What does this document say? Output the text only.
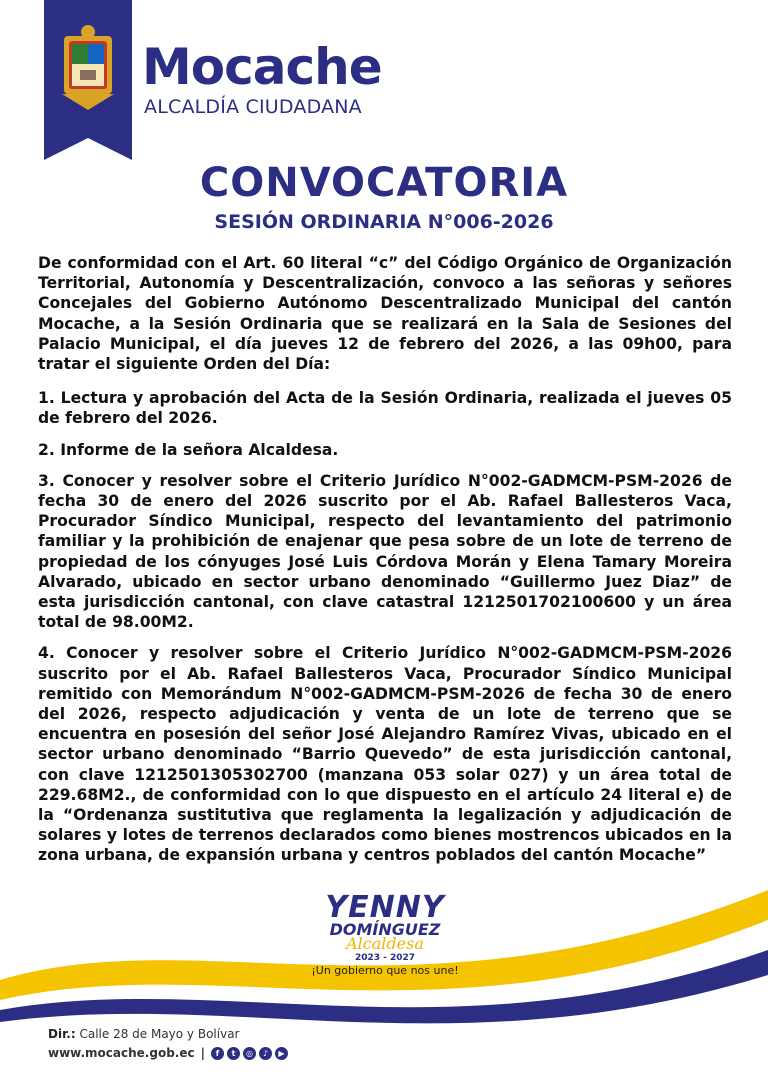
Mocache
ALCALDÍA CIUDADANA
CONVOCATORIA
SESIÓN ORDINARIA N°006-2026

De conformidad con el Art. 60 literal “c” del Código Orgánico de Organización Territorial, Autonomía y Descentralización, convoco a las señoras y señores Concejales del Gobierno Autónomo Descentralizado Municipal del cantón Mocache, a la Sesión Ordinaria que se realizará en la Sala de Sesiones del Palacio Municipal, el día jueves 12 de febrero del 2026, a las 09h00, para tratar el siguiente Orden del Día:

1. Lectura y aprobación del Acta de la Sesión Ordinaria, realizada el jueves 05 de febrero del 2026.

2. Informe de la señora Alcaldesa.

3. Conocer y resolver sobre el Criterio Jurídico N°002-GADMCM-PSM-2026 de fecha 30 de enero del 2026 suscrito por el Ab. Rafael Ballesteros Vaca, Procurador Síndico Municipal, respecto del levantamiento del patrimonio familiar y la prohibición de enajenar que pesa sobre de un lote de terreno de propiedad de los cónyuges José Luis Córdova Morán y Elena Tamary Moreira Alvarado, ubicado en sector urbano denominado “Guillermo Juez Diaz” de esta jurisdicción cantonal, con clave catastral 1212501702100600 y un área total de 98.00M2.

4. Conocer y resolver sobre el Criterio Jurídico N°002-GADMCM-PSM-2026 suscrito por el Ab. Rafael Ballesteros Vaca, Procurador Síndico Municipal remitido con Memorándum N°002-GADMCM-PSM-2026 de fecha 30 de enero del 2026, respecto adjudicación y venta de un lote de terreno que se encuentra en posesión del señor José Alejandro Ramírez Vivas, ubicado en el sector urbano denominado “Barrio Quevedo” de esta jurisdicción cantonal, con clave 1212501305302700 (manzana 053 solar 027) y un área total de 229.68M2., de conformidad con lo que dispuesto en el artículo 24 literal e) de la “Ordenanza sustitutiva que reglamenta la legalización y adjudicación de solares y lotes de terrenos declarados como bienes mostrencos ubicados en la zona urbana, de expansión urbana y centros poblados del cantón Mocache”

YENNY
DOMÍNGUEZ
Alcaldesa
2023 - 2027
¡Un gobierno que nos une!
Dir.: Calle 28 de Mayo y Bolívar
www.mocache.gob.ec |	f	t	◎	♪	▶
